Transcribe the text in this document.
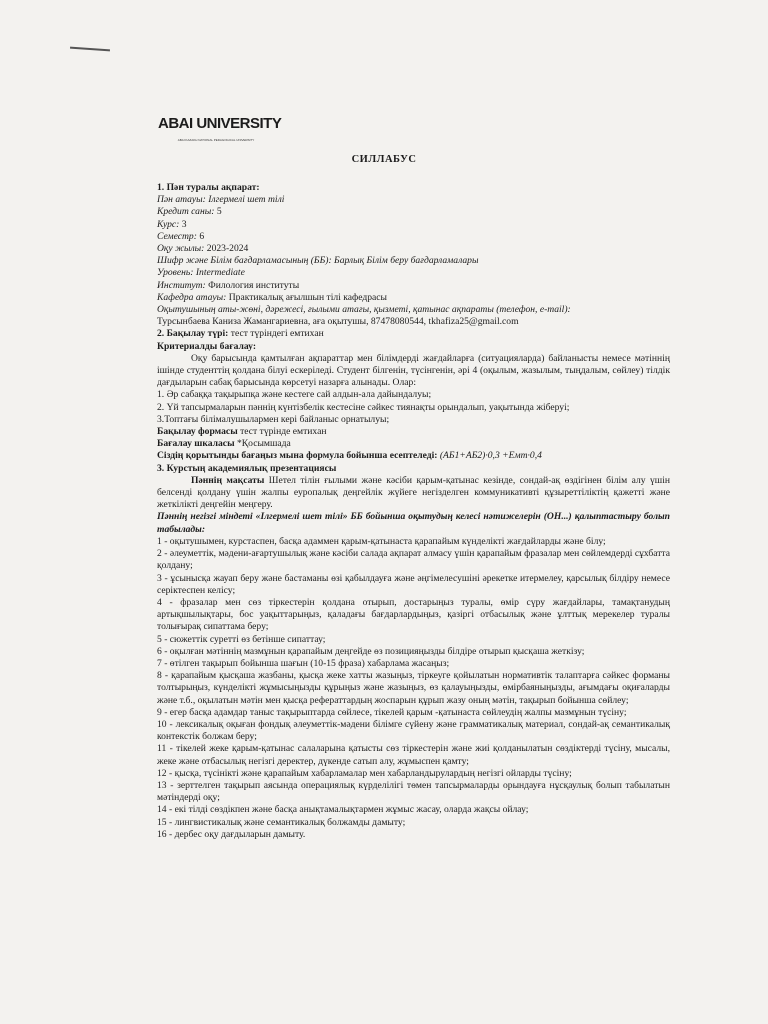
ABAI UNIVERSITY
ABAI KAZAKH NATIONAL PEDAGOGICAL UNIVERSITY
СИЛЛАБУС

1. Пән туралы ақпарат:

Пән атауы: Ілгермелі шет тілі

Кредит саны: 5

Курс: 3

Семестр: 6

Оқу жылы: 2023-2024

Шифр және Білім бағдарламасының (ББ): Барлық Білім беру бағдарламалары

Уровень: Intermediate

Институт: Филология институты

Кафедра атауы: Практикалық ағылшын тілі кафедрасы

Оқытушының аты-жөні, дәрежесі, ғылыми атағы, қызметі, қатынас ақпараты (телефон, e-mail):

Турсынбаева Каниза Жамангариевна, аға оқытушы, 87478080544, tkhafiza25@gmail.com

2. Бақылау түрі: тест түріндегі емтихан

Критериалды бағалау:

Оқу барысында қамтылған ақпараттар мен білімдерді жағдайларға (ситуацияларда) байланысты немесе мәтіннің ішінде студенттің қолдана білуі ескеріледі. Студент білгенін, түсінгенін, әрі 4 (оқылым, жазылым, тыңдалым, сөйлеу) тілдік дағдыларын сабақ барысында көрсетуі назарға алынады. Олар:

1. Әр сабаққа тақырыпқа және кестеге сай алдын-ала дайындалуы;

2. Үй тапсырмаларын пәннің күнтізбелік кестесіне сәйкес тиянақты орындалып, уақытында жіберуі;

3.Топтағы білімалушылармен кері байланыс орнатылуы;

Бақылау формасы тест түрінде емтихан

Бағалау шкаласы *Қосымшада

Сіздің қорытынды бағаңыз мына формула бойынша есептеледі: (АБ1+АБ2)·0,3 +Емт·0,4

3. Курстың академиялық презентациясы

Пәннің мақсаты Шетел тілін ғылыми және кәсіби қарым-қатынас кезінде, сондай-ақ өздігінен білім алу үшін белсенді қолдану үшін жалпы еуропалық деңгейлік жүйеге негізделген коммуникативті құзыреттіліктің қажетті және жеткілікті деңгейін меңгеру.

Пәннің негізгі міндеті «Ілгермелі шет тілі» ББ бойынша оқытудың келесі нәтижелерін (ОН...) қалыптастыру болып табылады:

1 - оқытушымен, курстаспен, басқа адаммен қарым-қатынаста қарапайым күнделікті жағдайларды және білу;

2 - әлеуметтік, мәдени-ағартушылық және кәсіби салада ақпарат алмасу үшін қарапайым фразалар мен сөйлемдерді сұхбатта қолдану;

3 - ұсынысқа жауап беру және бастаманы өзі қабылдауға және әңгімелесушіні әрекетке итермелеу, қарсылық білдіру немесе серіктеспен келісу;

4 - фразалар мен сөз тіркестерін қолдана отырып, достарыңыз туралы, өмір сүру жағдайлары, тамақтанудың артықшылықтары, бос уақыттарыңыз, қаладағы бағдарлардыңыз, қазіргі отбасылық және ұлттық мерекелер туралы толығырақ сипаттама беру;

5 - сюжеттік суретті өз бетінше сипаттау;

6 - оқылған мәтіннің мазмұнын қарапайым деңгейде өз позицияңызды білдіре отырып қысқаша жеткізу;

7 - өтілген тақырып бойынша шағын (10-15 фраза) хабарлама жасаңыз;

8 - қарапайым қысқаша жазбаны, қысқа жеке хатты жазыңыз, тіркеуге қойылатын нормативтік талаптарға сәйкес форманы толтырыңыз, күнделікті жұмысыңызды құрыңыз және жазыңыз, өз қалауыңызды, өмірбаяныңызды, ағымдағы оқиғаларды және т.б., оқылатын мәтін мен қысқа рефераттардың жоспарын құрып жазу оның мәтін, тақырып бойынша сөйлеу;

9 - егер басқа адамдар таныс тақырыптарда сөйлесе, тікелей қарым -қатынаста сөйлеудің жалпы мазмұнын түсіну;

10 - лексикалық оқыған фондық әлеуметтік-мәдени білімге сүйену және грамматикалық материал, сондай-ақ семантикалық контекстік болжам беру;

11 - тікелей жеке қарым-қатынас салаларына қатысты сөз тіркестерін және жиі қолданылатын сөздіктерді түсіну, мысалы, жеке және отбасылық негізгі деректер, дүкенде сатып алу, жұмыспен қамту;

12 - қысқа, түсінікті және қарапайым хабарламалар мен хабарландырулардың негізгі ойларды түсіну;

13 - зерттелген тақырып аясында операциялық күрделілігі төмен тапсырмаларды орындауға нұсқаулық болып табылатын мәтіндерді оқу;

14 - екі тілді сөздікпен және басқа анықтамалықтармен жұмыс жасау, оларда жақсы ойлау;

15 - лингвистикалық және семантикалық болжамды дамыту;

16 - дербес оқу дағдыларын дамыту.
